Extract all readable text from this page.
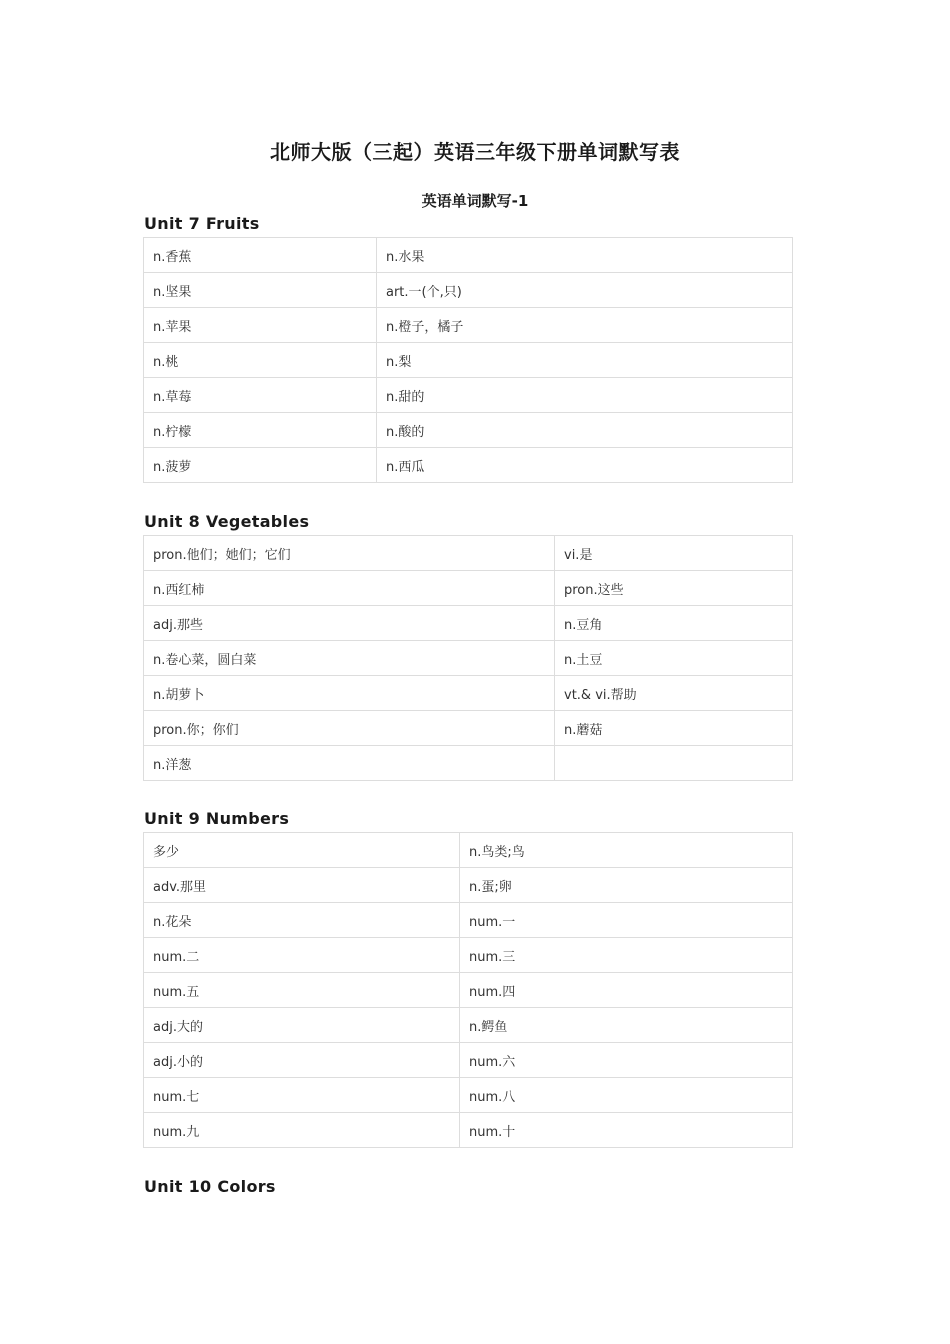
北师大版（三起）英语三年级下册单词默写表
英语单词默写-1
Unit 7 Fruits
n.香蕉	n.水果
n.坚果	art.一(个,只)
n.苹果	n.橙子，橘子
n.桃	n.梨
n.草莓	n.甜的
n.柠檬	n.酸的
n.菠萝	n.西瓜
Unit 8 Vegetables
pron.他们；她们；它们	vi.是
n.西红柿	pron.这些
adj.那些	n.豆角
n.卷心菜，圆白菜	n.土豆
n.胡萝卜	vt.& vi.帮助
pron.你；你们	n.蘑菇
n.洋葱	
Unit 9 Numbers
多少	n.鸟类;鸟
adv.那里	n.蛋;卵
n.花朵	num.一
num.二	num.三
num.五	num.四
adj.大的	n.鳄鱼
adj.小的	num.六
num.七	num.八
num.九	num.十
Unit 10 Colors
